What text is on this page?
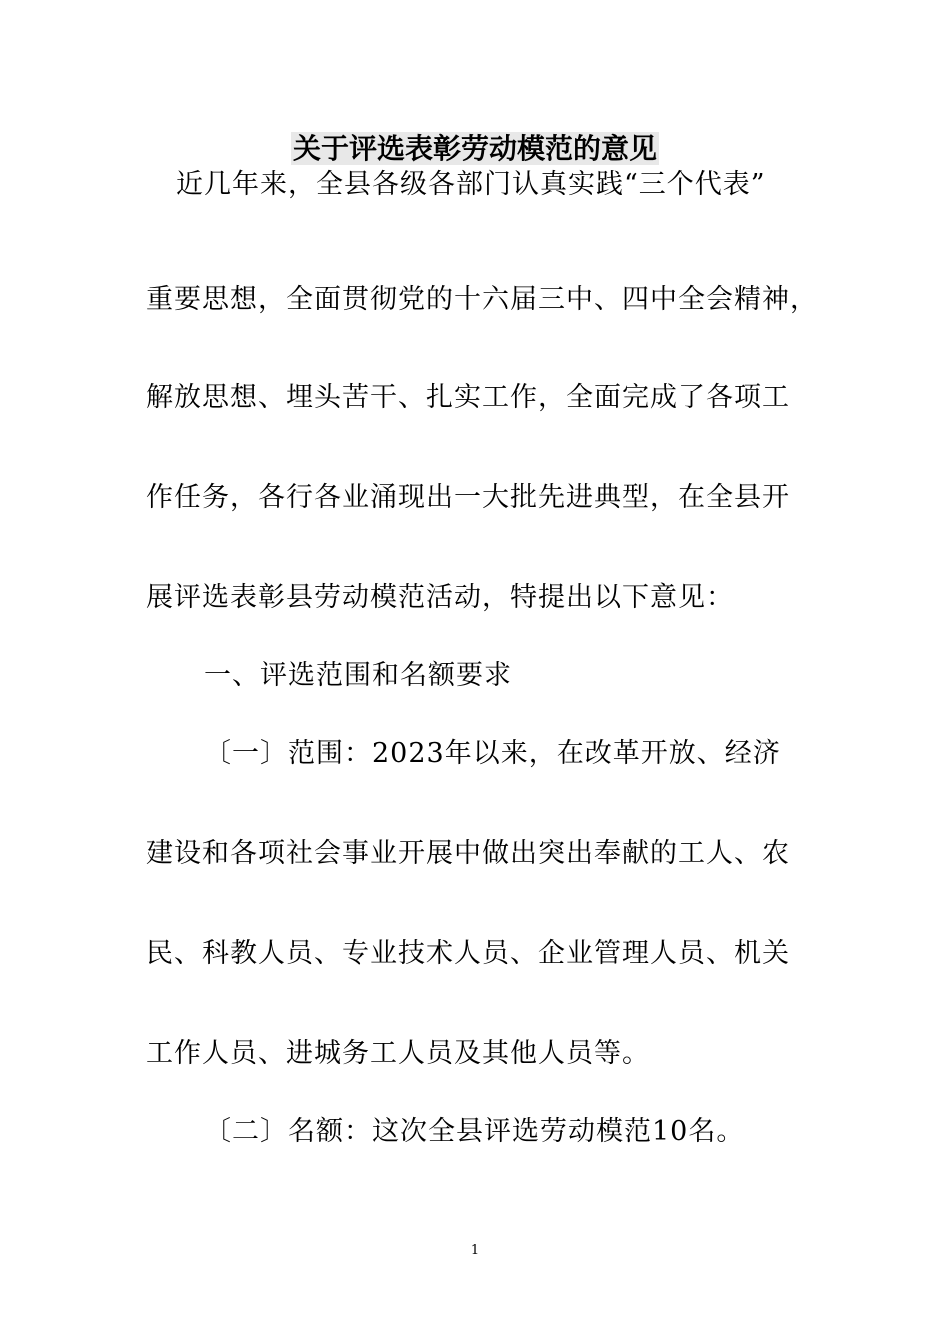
关于评选表彰劳动模范的意见
近几年来，全县各级各部门认真实践“三个代表”
重要思想，全面贯彻党的十六届三中、四中全会精神，
解放思想、埋头苦干、扎实工作，全面完成了各项工
作任务，各行各业涌现出一大批先进典型，在全县开
展评选表彰县劳动模范活动，特提出以下意见：
一、评选范围和名额要求
〔一〕范围：2023年以来，在改革开放、经济
建设和各项社会事业开展中做出突出奉献的工人、农
民、科教人员、专业技术人员、企业管理人员、机关
工作人员、进城务工人员及其他人员等。
〔二〕名额：这次全县评选劳动模范10名。
1
